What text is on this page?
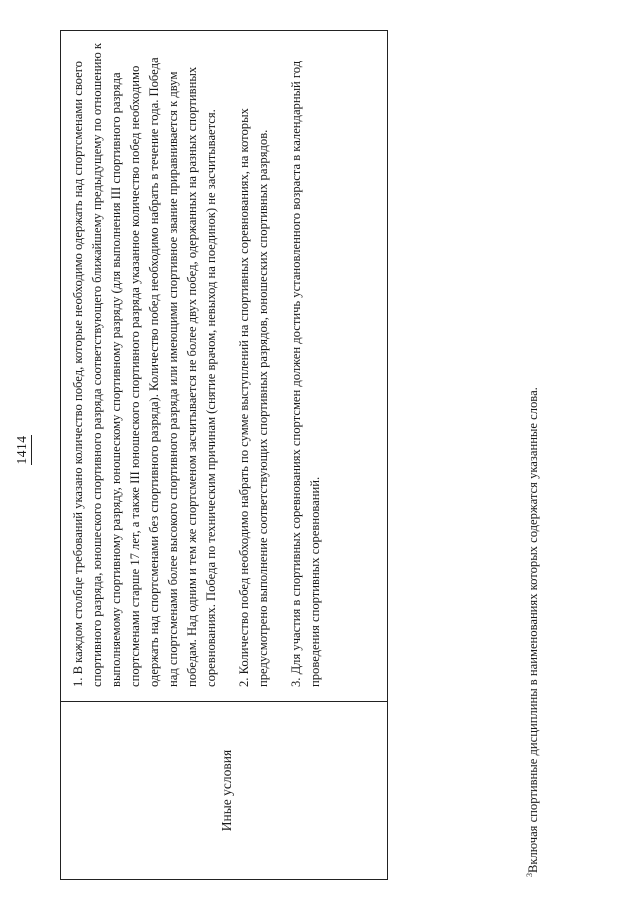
1414
Иные условия

1. В каждом столбце требований указано количество побед, которые необходимо одержать над спортсменами своего спортивного разряда, юношеского спортивного разряда соответствующего ближайшему предыдущему по отношению к выполняемому спортивному разряду, юношескому спортивному разряду (для выполнения III спортивного разряда спортсменами старше 17 лет, а также III юношеского спортивного разряда указанное количество побед необходимо одержать над спортсменами без спортивного разряда). Количество побед необходимо набрать в течение года. Победа над спортсменами более высокого спортивного разряда или имеющими спортивное звание приравнивается к двум победам. Над одним и тем же спортсменом засчитывается не более двух побед, одержанных на разных спортивных соревнованиях. Победа по техническим причинам (снятие врачом, невыход на поединок) не засчитывается. 2. Количество побед необходимо набрать по сумме выступлений на спортивных соревнованиях, на которых предусмотрено выполнение соответствующих спортивных разрядов, юношеских спортивных разрядов. 3. Для участия в спортивных соревнованиях спортсмен должен достичь установленного возраста в календарный год проведения спортивных соревнований.

$^3$Включая спортивные дисциплины в наименованиях которых содержатся указанные слова.
